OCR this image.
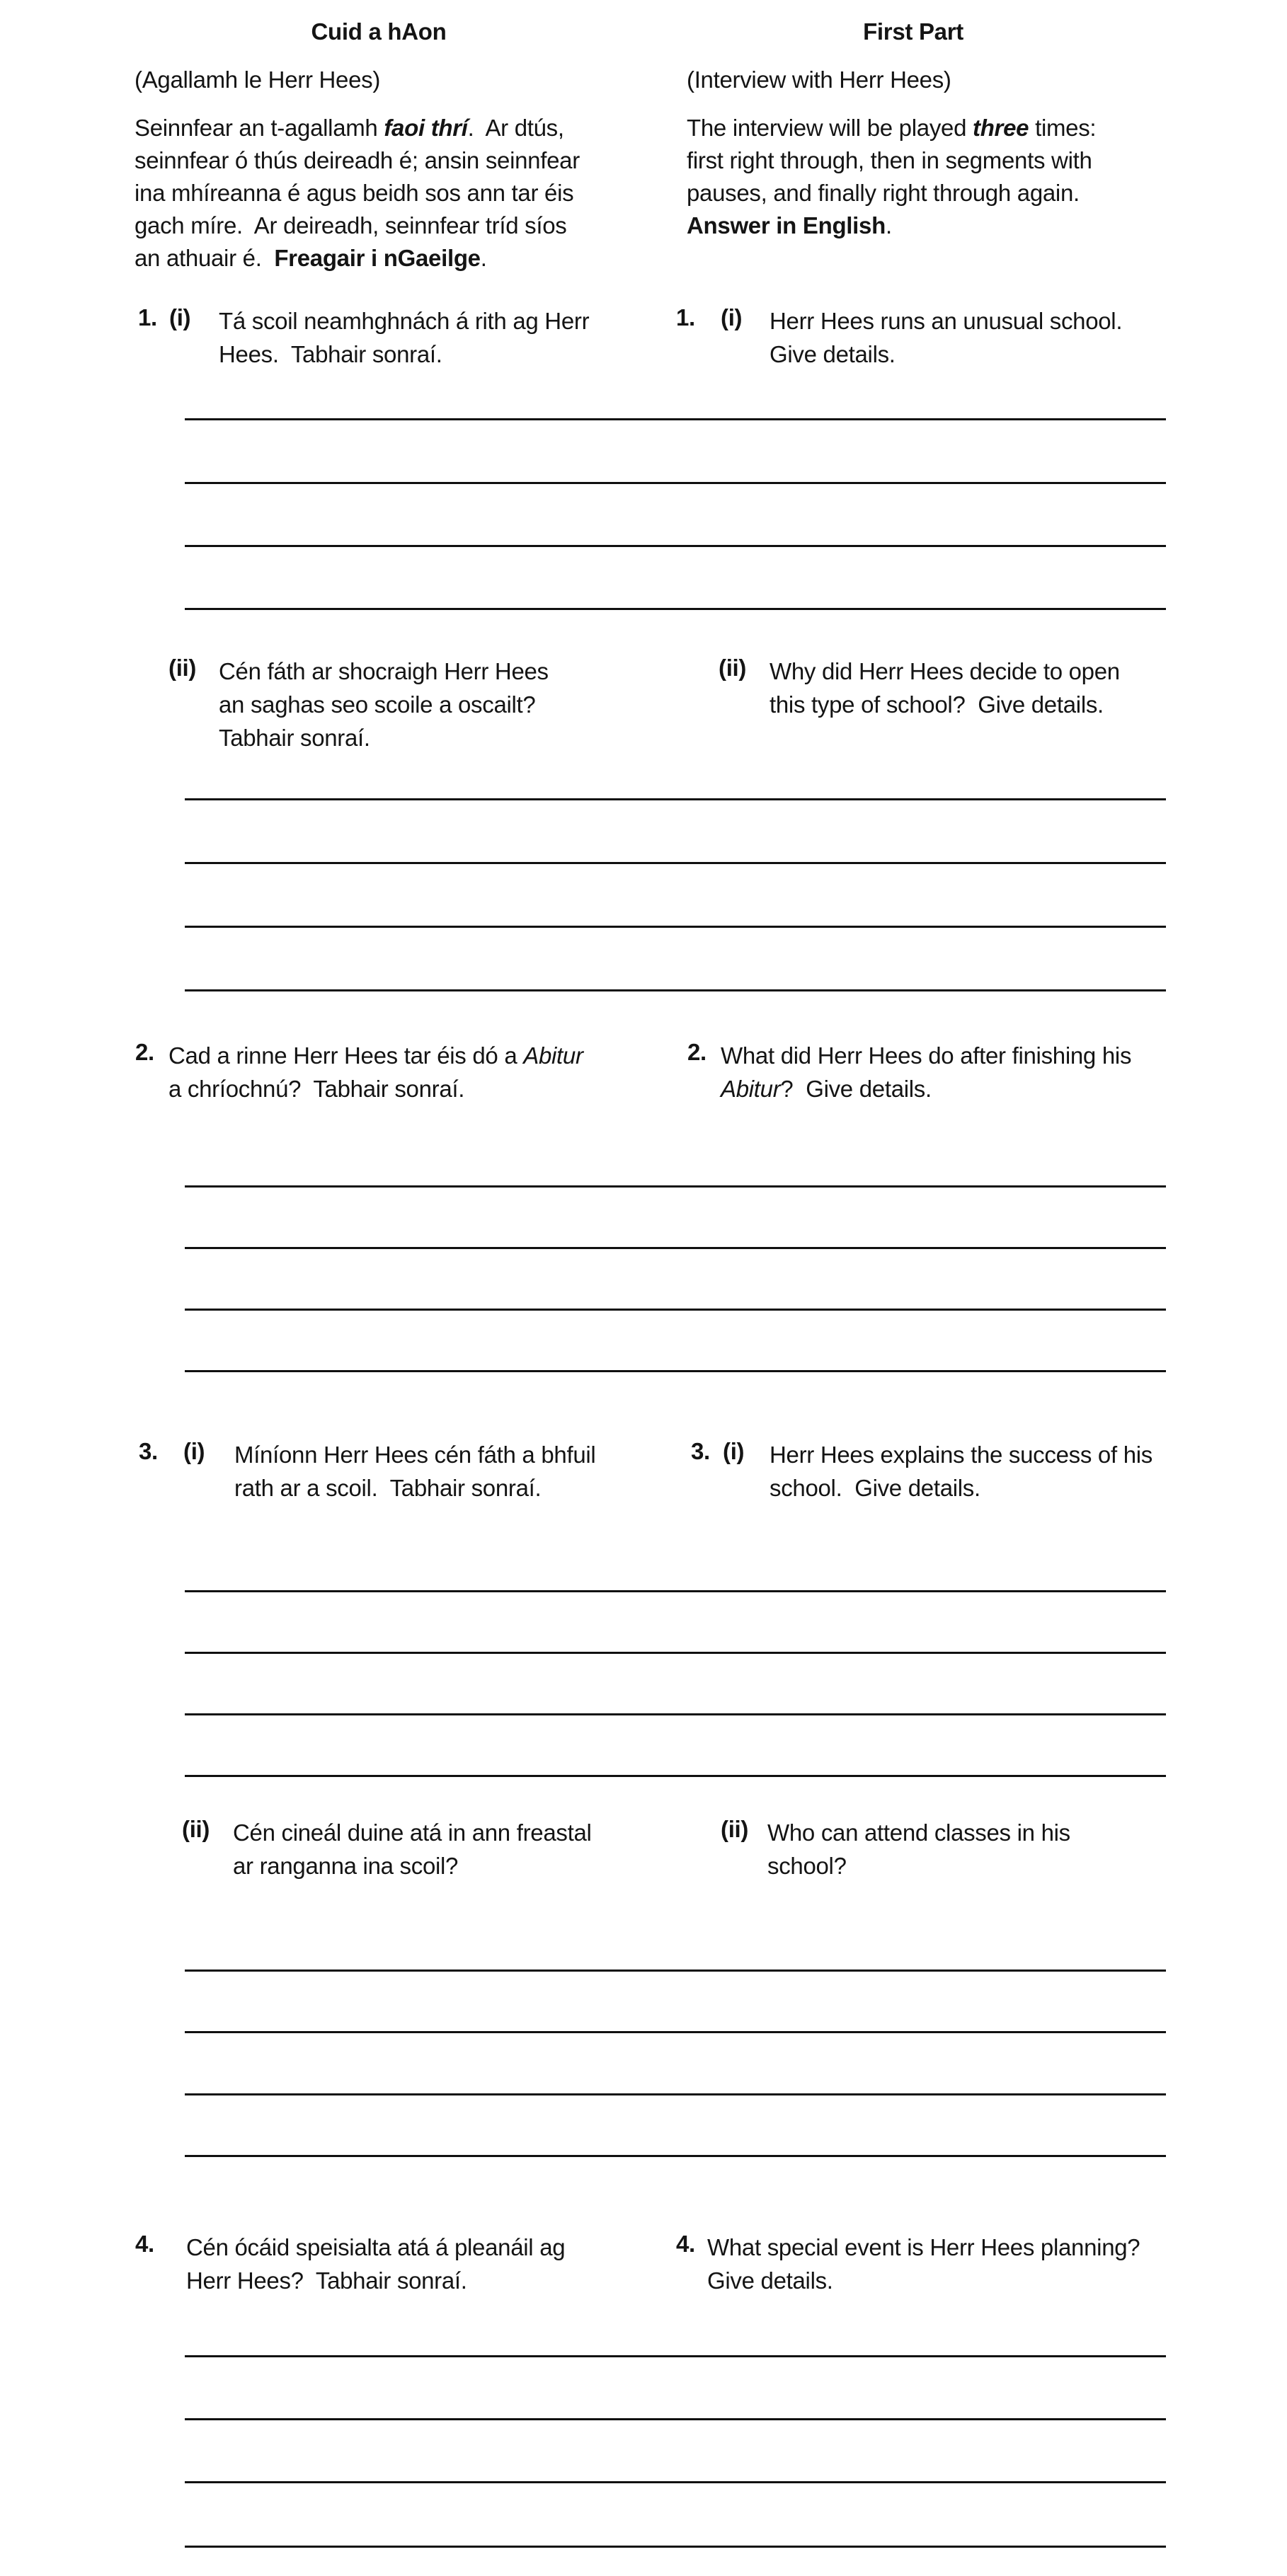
Cuid a hAon	First Part
(Agallamh le Herr Hees)	(Interview with Herr Hees)
Seinnfear an t-agallamh faoi thrí.  Ar dtús,
seinnfear ó thús deireadh é; ansin seinnfear
ina mhíreanna é agus beidh sos ann tar éis
gach míre.  Ar deireadh, seinnfear tríd síos
an athuair é.  Freagair i nGaeilge.
The interview will be played three times:
first right through, then in segments with
pauses, and finally right through again.
Answer in English.
1. (i) Tá scoil neamhghnách á rith ag Herr
Hees.  Tabhair sonraí.
1. (i) Herr Hees runs an unusual school.
Give details.
(ii) Cén fáth ar shocraigh Herr Hees
an saghas seo scoile a oscailt?
Tabhair sonraí.
(ii) Why did Herr Hees decide to open
this type of school?  Give details.
2. Cad a rinne Herr Hees tar éis dó a Abitur
a chríochnú?  Tabhair sonraí.
2. What did Herr Hees do after finishing his
Abitur?  Give details.
3. (i) Míníonn Herr Hees cén fáth a bhfuil
rath ar a scoil.  Tabhair sonraí.
3. (i) Herr Hees explains the success of his
school.  Give details.
(ii) Cén cineál duine atá in ann freastal
ar ranganna ina scoil?
(ii) Who can attend classes in his
school?
4. Cén ócáid speisialta atá á pleanáil ag
Herr Hees?  Tabhair sonraí.
4. What special event is Herr Hees planning?
Give details.
